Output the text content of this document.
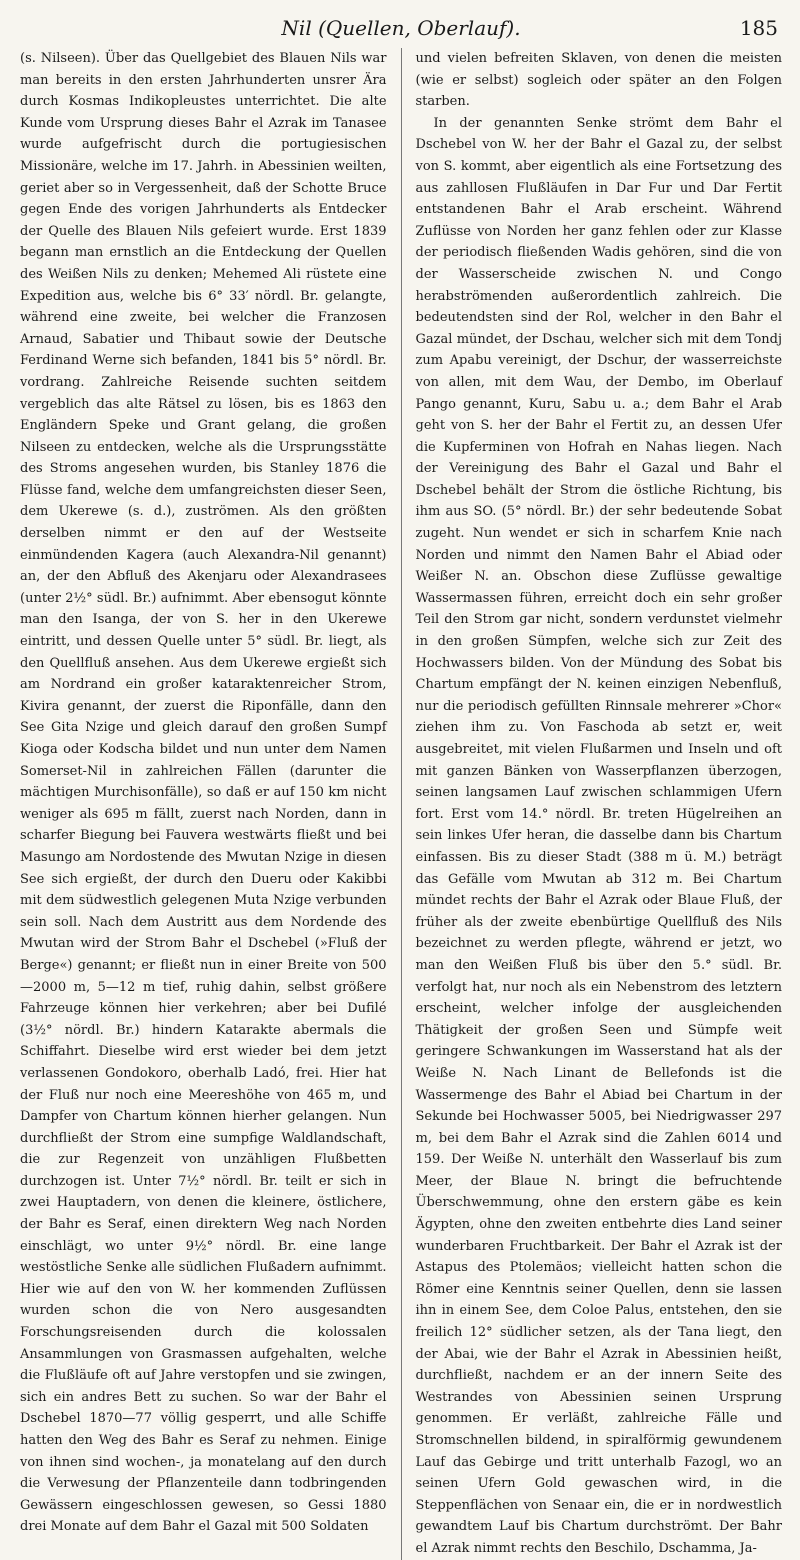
Nil (Quellen, Oberlauf).	185

(s. Nilseen). Über das Quellgebiet des Blauen Nils war man bereits in den ersten Jahrhunderten unsrer Ära durch Kosmas Indikopleustes unterrichtet. Die alte Kunde vom Ursprung dieses Bahr el Azrak im Tanasee wurde aufgefrischt durch die portugiesischen Missionäre, welche im 17. Jahrh. in Abessinien weilten, geriet aber so in Vergessenheit, daß der Schotte Bruce gegen Ende des vorigen Jahrhunderts als Entdecker der Quelle des Blauen Nils gefeiert wurde. Erst 1839 begann man ernstlich an die Entdeckung der Quellen des Weißen Nils zu denken; Mehemed Ali rüstete eine Expedition aus, welche bis 6° 33′ nördl. Br. gelangte, während eine zweite, bei welcher die Franzosen Arnaud, Sabatier und Thibaut sowie der Deutsche Ferdinand Werne sich befanden, 1841 bis 5° nördl. Br. vordrang. Zahlreiche Reisende suchten seitdem vergeblich das alte Rätsel zu lösen, bis es 1863 den Engländern Speke und Grant gelang, die großen Nilseen zu entdecken, welche als die Ursprungsstätte des Stroms angesehen wurden, bis Stanley 1876 die Flüsse fand, welche dem umfangreichsten dieser Seen, dem Ukerewe (s. d.), zuströmen. Als den größten derselben nimmt er den auf der Westseite einmündenden Kagera (auch Alexandra-Nil genannt) an, der den Abfluß des Akenjaru oder Alexandrasees (unter 2½° südl. Br.) aufnimmt. Aber ebensogut könnte man den Isanga, der von S. her in den Ukerewe eintritt, und dessen Quelle unter 5° südl. Br. liegt, als den Quellfluß ansehen. Aus dem Ukerewe ergießt sich am Nordrand ein großer kataraktenreicher Strom, Kivira genannt, der zuerst die Riponfälle, dann den See Gita Nzige und gleich darauf den großen Sumpf Kioga oder Kodscha bildet und nun unter dem Namen Somerset-Nil in zahlreichen Fällen (darunter die mächtigen Murchisonfälle), so daß er auf 150 km nicht weniger als 695 m fällt, zuerst nach Norden, dann in scharfer Biegung bei Fauvera westwärts fließt und bei Masungo am Nordostende des Mwutan Nzige in diesen See sich ergießt, der durch den Dueru oder Kakibbi mit dem südwestlich gelegenen Muta Nzige verbunden sein soll. Nach dem Austritt aus dem Nordende des Mwutan wird der Strom Bahr el Dschebel (»Fluß der Berge«) genannt; er fließt nun in einer Breite von 500—2000 m, 5—12 m tief, ruhig dahin, selbst größere Fahrzeuge können hier verkehren; aber bei Dufilé (3½° nördl. Br.) hindern Katarakte abermals die Schiffahrt. Dieselbe wird erst wieder bei dem jetzt verlassenen Gondokoro, oberhalb Ladó, frei. Hier hat der Fluß nur noch eine Meereshöhe von 465 m, und Dampfer von Chartum können hierher gelangen. Nun durchfließt der Strom eine sumpfige Waldlandschaft, die zur Regenzeit von unzähligen Flußbetten durchzogen ist. Unter 7½° nördl. Br. teilt er sich in zwei Hauptadern, von denen die kleinere, östlichere, der Bahr es Seraf, einen direktern Weg nach Norden einschlägt, wo unter 9½° nördl. Br. eine lange westöstliche Senke alle südlichen Flußadern aufnimmt. Hier wie auf den von W. her kommenden Zuflüssen wurden schon die von Nero ausgesandten Forschungsreisenden durch die kolossalen Ansammlungen von Grasmassen aufgehalten, welche die Flußläufe oft auf Jahre verstopfen und sie zwingen, sich ein andres Bett zu suchen. So war der Bahr el Dschebel 1870—77 völlig gesperrt, und alle Schiffe hatten den Weg des Bahr es Seraf zu nehmen. Einige von ihnen sind wochen-, ja monatelang auf den durch die Verwesung der Pflanzenteile dann todbringenden Gewässern eingeschlossen gewesen, so Gessi 1880 drei Monate auf dem Bahr el Gazal mit 500 Soldaten

und vielen befreiten Sklaven, von denen die meisten (wie er selbst) sogleich oder später an den Folgen starben.

In der genannten Senke strömt dem Bahr el Dschebel von W. her der Bahr el Gazal zu, der selbst von S. kommt, aber eigentlich als eine Fortsetzung des aus zahllosen Flußläufen in Dar Fur und Dar Fertit entstandenen Bahr el Arab erscheint. Während Zuflüsse von Norden her ganz fehlen oder zur Klasse der periodisch fließenden Wadis gehören, sind die von der Wasserscheide zwischen N. und Congo herabströmenden außerordentlich zahlreich. Die bedeutendsten sind der Rol, welcher in den Bahr el Gazal mündet, der Dschau, welcher sich mit dem Tondj zum Apabu vereinigt, der Dschur, der wasserreichste von allen, mit dem Wau, der Dembo, im Oberlauf Pango genannt, Kuru, Sabu u. a.; dem Bahr el Arab geht von S. her der Bahr el Fertit zu, an dessen Ufer die Kupferminen von Hofrah en Nahas liegen. Nach der Vereinigung des Bahr el Gazal und Bahr el Dschebel behält der Strom die östliche Richtung, bis ihm aus SO. (5° nördl. Br.) der sehr bedeutende Sobat zugeht. Nun wendet er sich in scharfem Knie nach Norden und nimmt den Namen Bahr el Abiad oder Weißer N. an. Obschon diese Zuflüsse gewaltige Wassermassen führen, erreicht doch ein sehr großer Teil den Strom gar nicht, sondern verdunstet vielmehr in den großen Sümpfen, welche sich zur Zeit des Hochwassers bilden. Von der Mündung des Sobat bis Chartum empfängt der N. keinen einzigen Nebenfluß, nur die periodisch gefüllten Rinnsale mehrerer »Chor« ziehen ihm zu. Von Faschoda ab setzt er, weit ausgebreitet, mit vielen Flußarmen und Inseln und oft mit ganzen Bänken von Wasserpflanzen überzogen, seinen langsamen Lauf zwischen schlammigen Ufern fort. Erst vom 14.° nördl. Br. treten Hügelreihen an sein linkes Ufer heran, die dasselbe dann bis Chartum einfassen. Bis zu dieser Stadt (388 m ü. M.) beträgt das Gefälle vom Mwutan ab 312 m. Bei Chartum mündet rechts der Bahr el Azrak oder Blaue Fluß, der früher als der zweite ebenbürtige Quellfluß des Nils bezeichnet zu werden pflegte, während er jetzt, wo man den Weißen Fluß bis über den 5.° südl. Br. verfolgt hat, nur noch als ein Nebenstrom des letztern erscheint, welcher infolge der ausgleichenden Thätigkeit der großen Seen und Sümpfe weit geringere Schwankungen im Wasserstand hat als der Weiße N. Nach Linant de Bellefonds ist die Wassermenge des Bahr el Abiad bei Chartum in der Sekunde bei Hochwasser 5005, bei Niedrigwasser 297 m, bei dem Bahr el Azrak sind die Zahlen 6014 und 159. Der Weiße N. unterhält den Wasserlauf bis zum Meer, der Blaue N. bringt die befruchtende Überschwemmung, ohne den erstern gäbe es kein Ägypten, ohne den zweiten entbehrte dies Land seiner wunderbaren Fruchtbarkeit. Der Bahr el Azrak ist der Astapus des Ptolemäos; vielleicht hatten schon die Römer eine Kenntnis seiner Quellen, denn sie lassen ihn in einem See, dem Coloe Palus, entstehen, den sie freilich 12° südlicher setzen, als der Tana liegt, den der Abai, wie der Bahr el Azrak in Abessinien heißt, durchfließt, nachdem er an der innern Seite des Westrandes von Abessinien seinen Ursprung genommen. Er verläßt, zahlreiche Fälle und Stromschnellen bildend, in spiralförmig gewundenem Lauf das Gebirge und tritt unterhalb Fazogl, wo an seinen Ufern Gold gewaschen wird, in die Steppenflächen von Senaar ein, die er in nordwestlich gewandtem Lauf bis Chartum durchströmt. Der Bahr el Azrak nimmt rechts den Beschilo, Dschamma, Ja-
